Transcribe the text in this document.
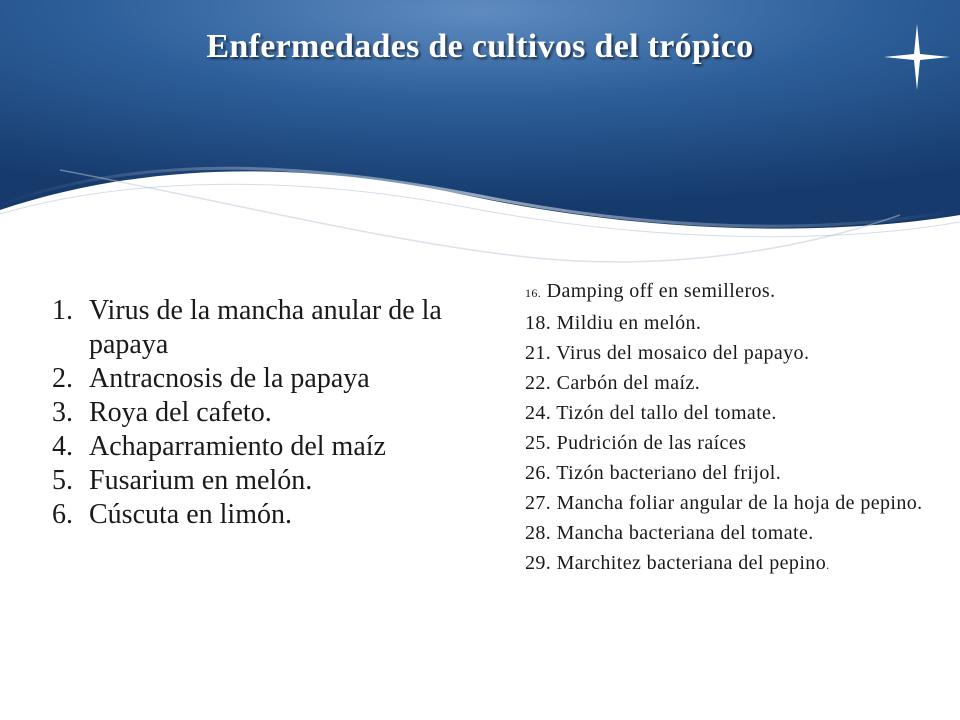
Enfermedades de cultivos del trópico
1. Virus de la mancha anular de la papaya
2. Antracnosis de la papaya
3. Roya del cafeto.
4. Achaparramiento del maíz
5. Fusarium en melón.
6. Cúscuta en limón.
16. Damping off en semilleros.
18. Mildiu en melón.
21. Virus del mosaico del papayo.
22. Carbón del maíz.
24. Tizón del tallo del tomate.
25. Pudrición de las raíces
26. Tizón bacteriano del frijol.
27. Mancha foliar angular de la hoja de pepino.
28. Mancha bacteriana del tomate.
29. Marchitez bacteriana del pepino.
